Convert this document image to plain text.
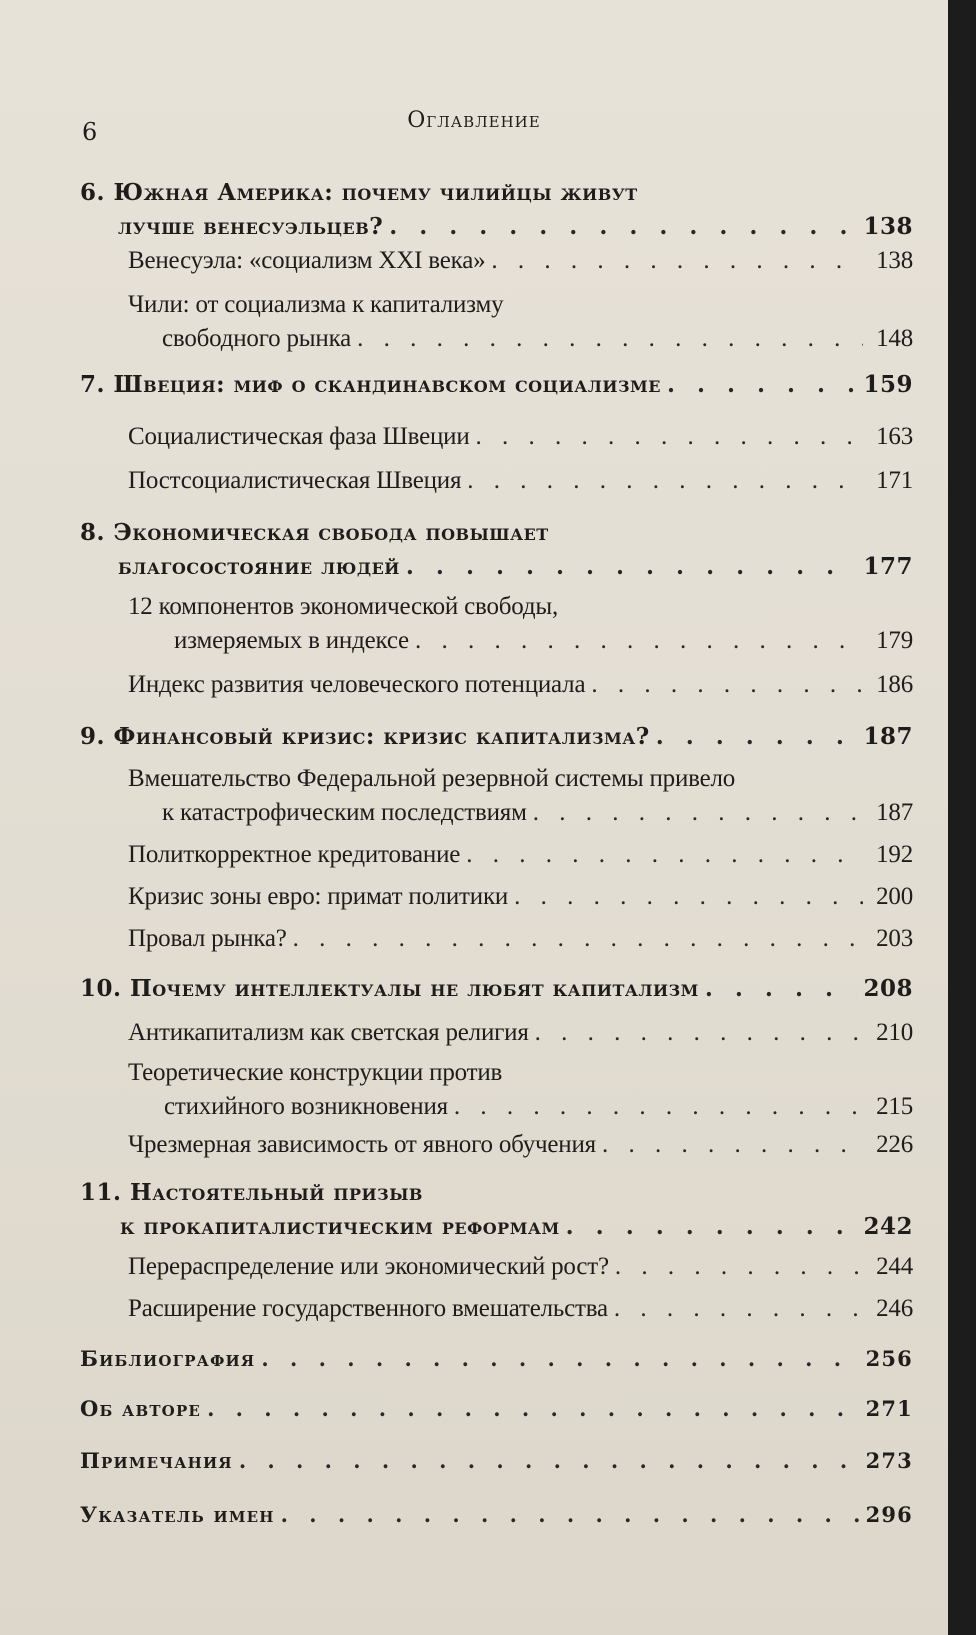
6	Оглавление
6. Южная Америка: почему чилийцы живут
лучше венесуэльцев? . . .	138
Венесуэла: «социализм XXI века» . . .	138
Чили: от социализма к капитализму
свободного рынка . . .	148
7. Швеция: миф о скандинавском социализме . . .	159
Социалистическая фаза Швеции . . .	163
Постсоциалистическая Швеция . . .	171
8. Экономическая свобода повышает
благосостояние людей . . .	177
12 компонентов экономической свободы,
измеряемых в индексе . . .	179
Индекс развития человеческого потенциала . . .	186
9. Финансовый кризис: кризис капитализма? . . .	187
Вмешательство Федеральной резервной системы привело
к катастрофическим последствиям . . .	187
Политкорректное кредитование . . .	192
Кризис зоны евро: примат политики . . .	200
Провал рынка? . . .	203
10. Почему интеллектуалы не любят капитализм . . .	208
Антикапитализм как светская религия . . .	210
Теоретические конструкции против
стихийного возникновения . . .	215
Чрезмерная зависимость от явного обучения . . .	226
11. Настоятельный призыв
к прокапиталистическим реформам . . .	242
Перераспределение или экономический рост? . . .	244
Расширение государственного вмешательства . . .	246
Библиография . . .	256
Об авторе . . .	271
Примечания . . .	273
Указатель имен . . .	296
